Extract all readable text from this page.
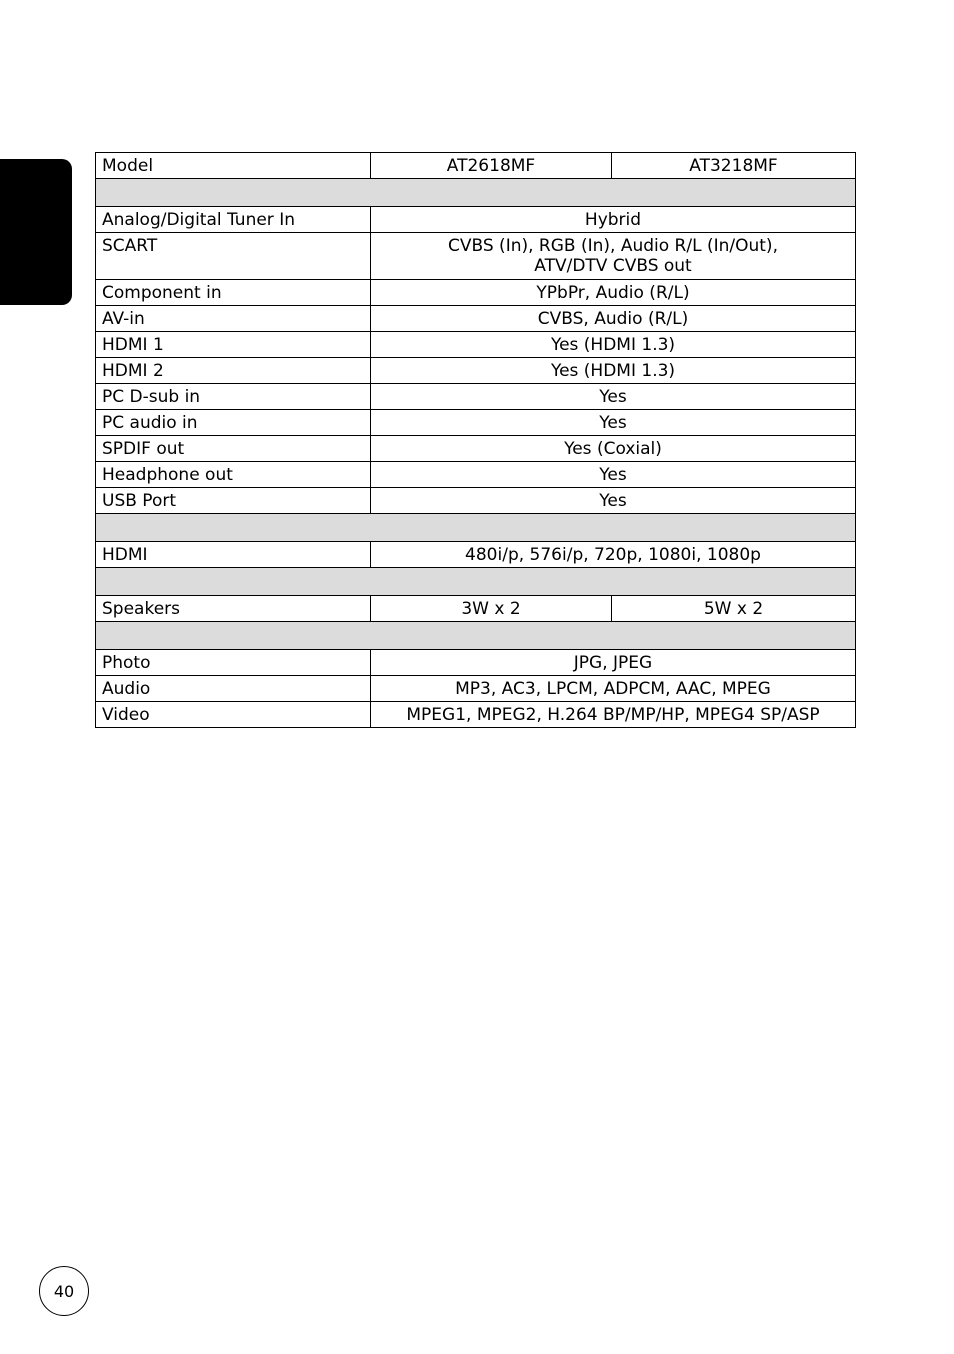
English
Model	AT2618MF	AT3218MF

Analog/Digital Tuner In	Hybrid	
SCART	CVBS (In), RGB (In), Audio R/L (In/Out),
ATV/DTV CVBS out	

Component in	YPbPr, Audio (R/L)	
AV-in	CVBS, Audio (R/L)	
HDMI 1	Yes (HDMI 1.3)	
HDMI 2	Yes (HDMI 1.3)	
PC D-sub in	Yes	
PC audio in	Yes	
SPDIF out	Yes (Coxial)	
Headphone out	Yes	
USB Port	Yes	

HDMI	480i/p, 576i/p, 720p, 1080i, 1080p	

Speakers	3W x 2	5W x 2

Photo	JPG, JPEG	
Audio	MP3, AC3, LPCM, ADPCM, AAC, MPEG	
Video	MPEG1, MPEG2, H.264 BP/MP/HP, MPEG4 SP/ASP	
40
